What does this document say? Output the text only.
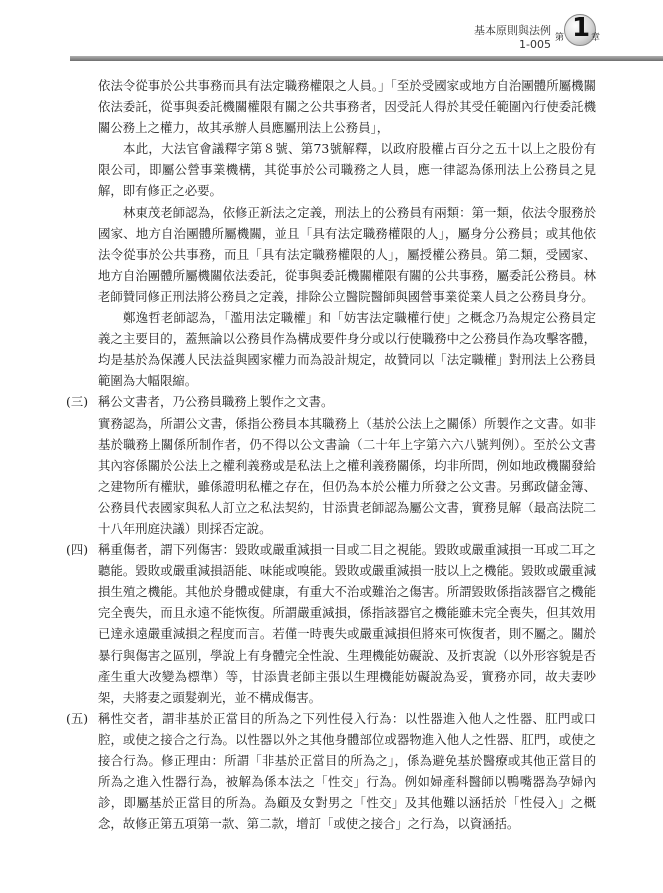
基本原則與法例
1-005 第 1 章

依法令從事於公共事務而具有法定職務權限之人員。」「至於受國家或地方自治團體所屬機關依法委託，從事與委託機關權限有關之公共事務者，因受託人得於其受任範圍內行使委託機關公務上之權力，故其承辦人員應屬刑法上公務員」，

本此，大法官會議釋字第８號、第73號解釋，以政府股權占百分之五十以上之股份有限公司，即屬公營事業機構，其從事於公司職務之人員，應一律認為係刑法上公務員之見解，即有修正之必要。

林東茂老師認為，依修正新法之定義，刑法上的公務員有兩類：第一類，依法令服務於國家、地方自治團體所屬機關，並且「具有法定職務權限的人」，屬身分公務員；或其他依法令從事於公共事務，而且「具有法定職務權限的人」，屬授權公務員。第二類，受國家、地方自治團體所屬機關依法委託，從事與委託機關權限有關的公共事務，屬委託公務員。林老師贊同修正刑法將公務員之定義，排除公立醫院醫師與國營事業從業人員之公務員身分。

鄭逸哲老師認為，「濫用法定職權」和「妨害法定職權行使」之概念乃為規定公務員定義之主要目的，蓋無論以公務員作為構成要件身分或以行使職務中之公務員作為攻擊客體，均是基於為保護人民法益與國家權力而為設計規定，故贊同以「法定職權」對刑法上公務員範圍為大幅限縮。

(三) 稱公文書者，乃公務員職務上製作之文書。

實務認為，所謂公文書，係指公務員本其職務上（基於公法上之關係）所製作之文書。如非基於職務上關係所制作者，仍不得以公文書論（二十年上字第六六八號判例）。至於公文書其內容係關於公法上之權利義務或是私法上之權利義務關係，均非所問，例如地政機關發給之建物所有權狀，雖係證明私權之存在，但仍為本於公權力所發之公文書。另郵政儲金簿、公務員代表國家與私人訂立之私法契約，甘添貴老師認為屬公文書，實務見解（最高法院二十八年刑庭決議）則採否定說。

(四) 稱重傷者，謂下列傷害：毀敗或嚴重減損一目或二目之視能。毀敗或嚴重減損一耳或二耳之聽能。毀敗或嚴重減損語能、味能或嗅能。毀敗或嚴重減損一肢以上之機能。毀敗或嚴重減損生殖之機能。其他於身體或健康，有重大不治或難治之傷害。所謂毀敗係指該器官之機能完全喪失，而且永遠不能恢復。所謂嚴重減損，係指該器官之機能雖未完全喪失，但其效用已達永遠嚴重減損之程度而言。若僅一時喪失或嚴重減損但將來可恢復者，則不屬之。關於暴行與傷害之區別，學說上有身體完全性說、生理機能妨礙說、及折衷說（以外形容貌是否產生重大改變為標準）等，甘添貴老師主張以生理機能妨礙說為妥，實務亦同，故夫妻吵架，夫將妻之頭髮剃光，並不構成傷害。

(五) 稱性交者，謂非基於正當目的所為之下列性侵入行為：以性器進入他人之性器、肛門或口腔，或使之接合之行為。以性器以外之其他身體部位或器物進入他人之性器、肛門，或使之接合行為。修正理由：所謂「非基於正當目的所為之」，係為避免基於醫療或其他正當目的所為之進入性器行為，被解為係本法之「性交」行為。例如婦產科醫師以鴨嘴器為孕婦內診，即屬基於正當目的所為。為顧及女對男之「性交」及其他難以涵括於「性侵入」之概念，故修正第五項第一款、第二款，增訂「或使之接合」之行為，以資涵括。
